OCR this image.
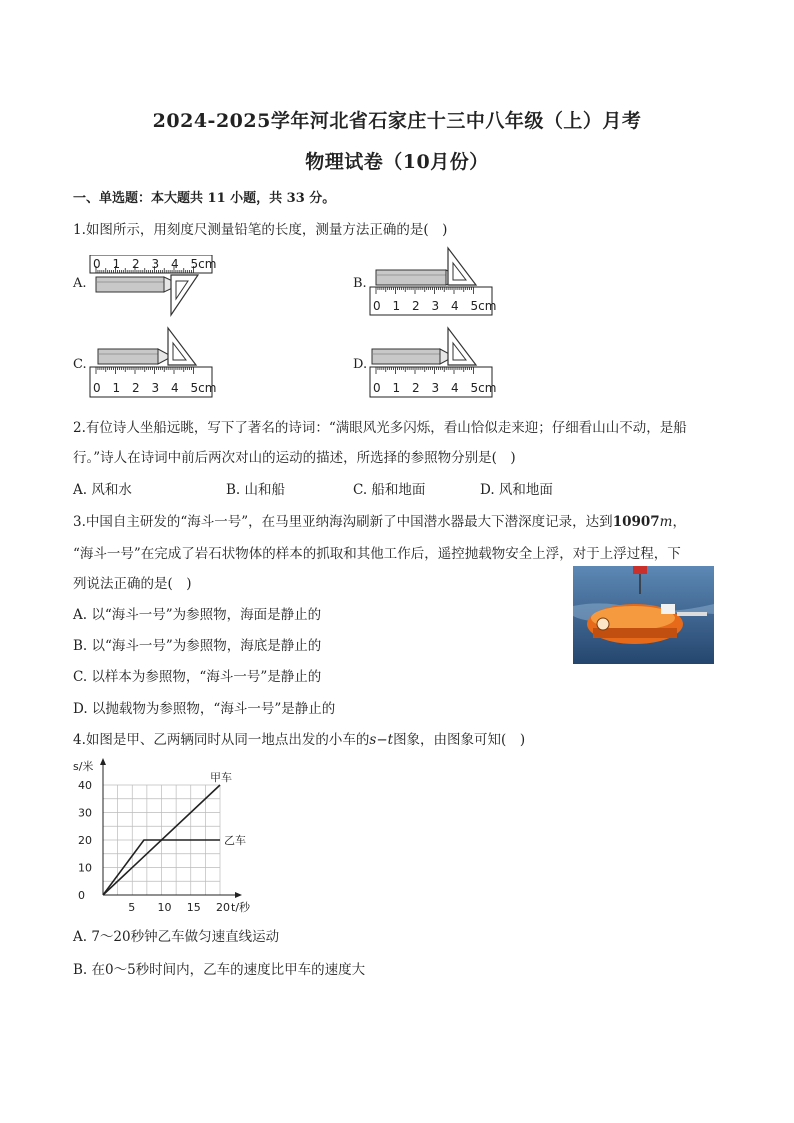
2024-2025学年河北省石家庄十三中八年级（上）月考
物理试卷（10月份）
一、单选题：本大题共 11 小题，共 33 分。
1.如图所示，用刻度尺测量铅笔的长度，测量方法正确的是(　)
A.
0 1 2 3 4 5cm
B.
0 1 2 3 4 5cm
C.
0 1 2 3 4 5cm
D.
0 1 2 3 4 5cm
2.有位诗人坐船远眺，写下了著名的诗词：“满眼风光多闪烁，看山恰似走来迎；仔细看山山不动，是船
行。”诗人在诗词中前后两次对山的运动的描述，所选择的参照物分别是(　)
A. 风和水	B. 山和船	C. 船和地面	D. 风和地面
3.中国自主研发的“海斗一号”，在马里亚纳海沟刷新了中国潜水器最大下潜深度记录，达到10907m，
“海斗一号”在完成了岩石状物体的样本的抓取和其他工作后，遥控抛载物安全上浮，对于上浮过程，下
列说法正确的是(　)
A. 以“海斗一号”为参照物，海面是静止的
B. 以“海斗一号”为参照物，海底是静止的
C. 以样本为参照物，“海斗一号”是静止的
D. 以抛载物为参照物，“海斗一号”是静止的
4.如图是甲、乙两辆同时从同一地点出发的小车的s−t图象，由图象可知(　)
5 10 15 20
40
30
20
10
0
s/米
t/秒
甲车
乙车
A. 7～20秒钟乙车做匀速直线运动
B. 在0～5秒时间内，乙车的速度比甲车的速度大
